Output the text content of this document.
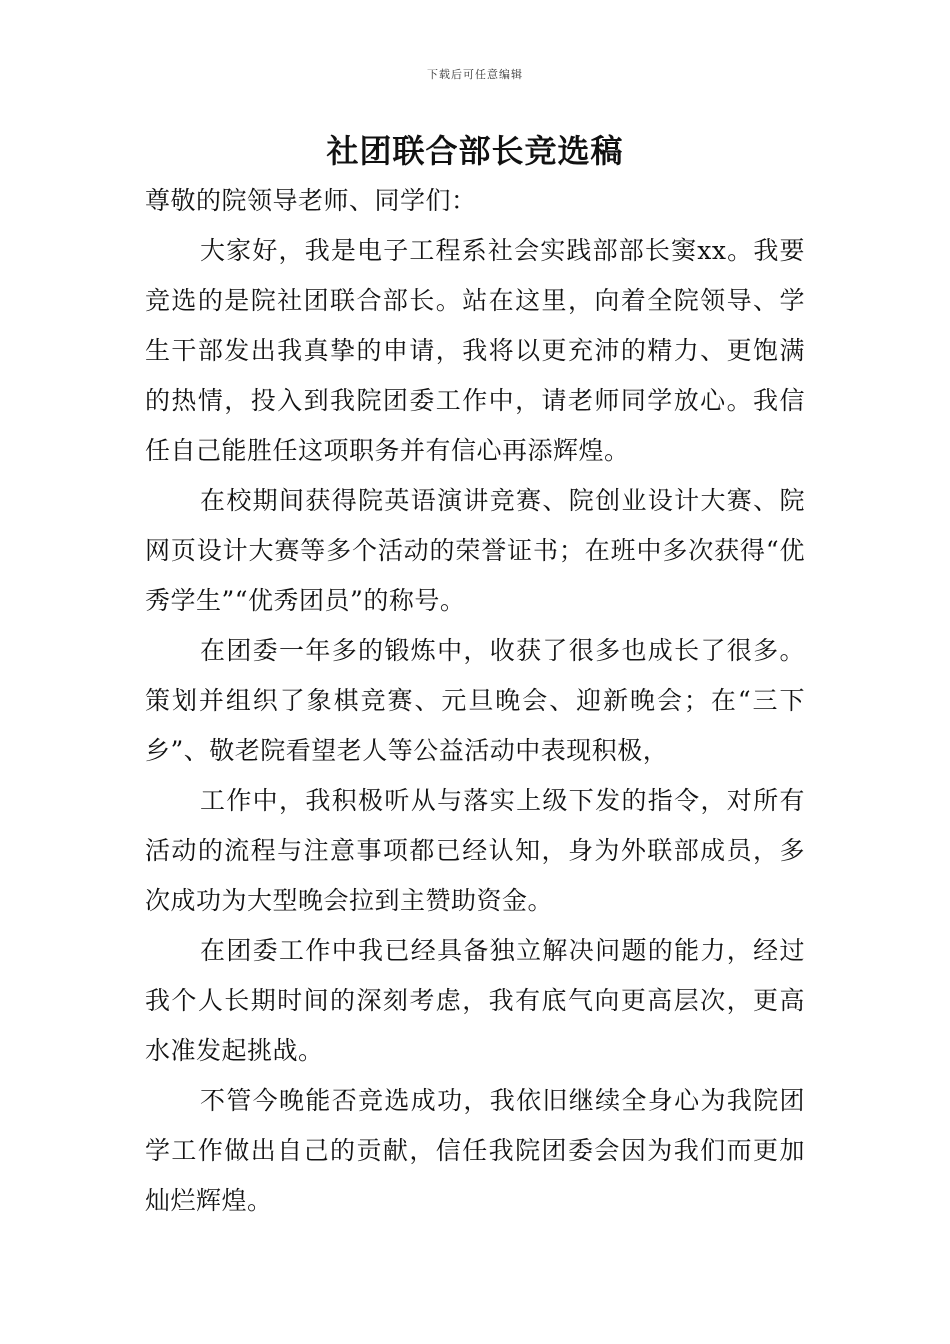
下载后可任意编辑
社团联合部长竞选稿

尊敬的院领导老师、同学们：

大家好，我是电子工程系社会实践部部长窦xx。我要竞选的是院社团联合部长。站在这里，向着全院领导、学生干部发出我真挚的申请，我将以更充沛的精力、更饱满的热情，投入到我院团委工作中，请老师同学放心。我信任自己能胜任这项职务并有信心再添辉煌。

在校期间获得院英语演讲竞赛、院创业设计大赛、院网页设计大赛等多个活动的荣誉证书；在班中多次获得“优秀学生”“优秀团员”的称号。

在团委一年多的锻炼中，收获了很多也成长了很多。策划并组织了象棋竞赛、元旦晚会、迎新晚会；在“三下乡”、敬老院看望老人等公益活动中表现积极，

工作中，我积极听从与落实上级下发的指令，对所有活动的流程与注意事项都已经认知，身为外联部成员，多次成功为大型晚会拉到主赞助资金。

在团委工作中我已经具备独立解决问题的能力，经过我个人长期时间的深刻考虑，我有底气向更高层次，更高水准发起挑战。

不管今晚能否竞选成功，我依旧继续全身心为我院团学工作做出自己的贡献，信任我院团委会因为我们而更加灿烂辉煌。
